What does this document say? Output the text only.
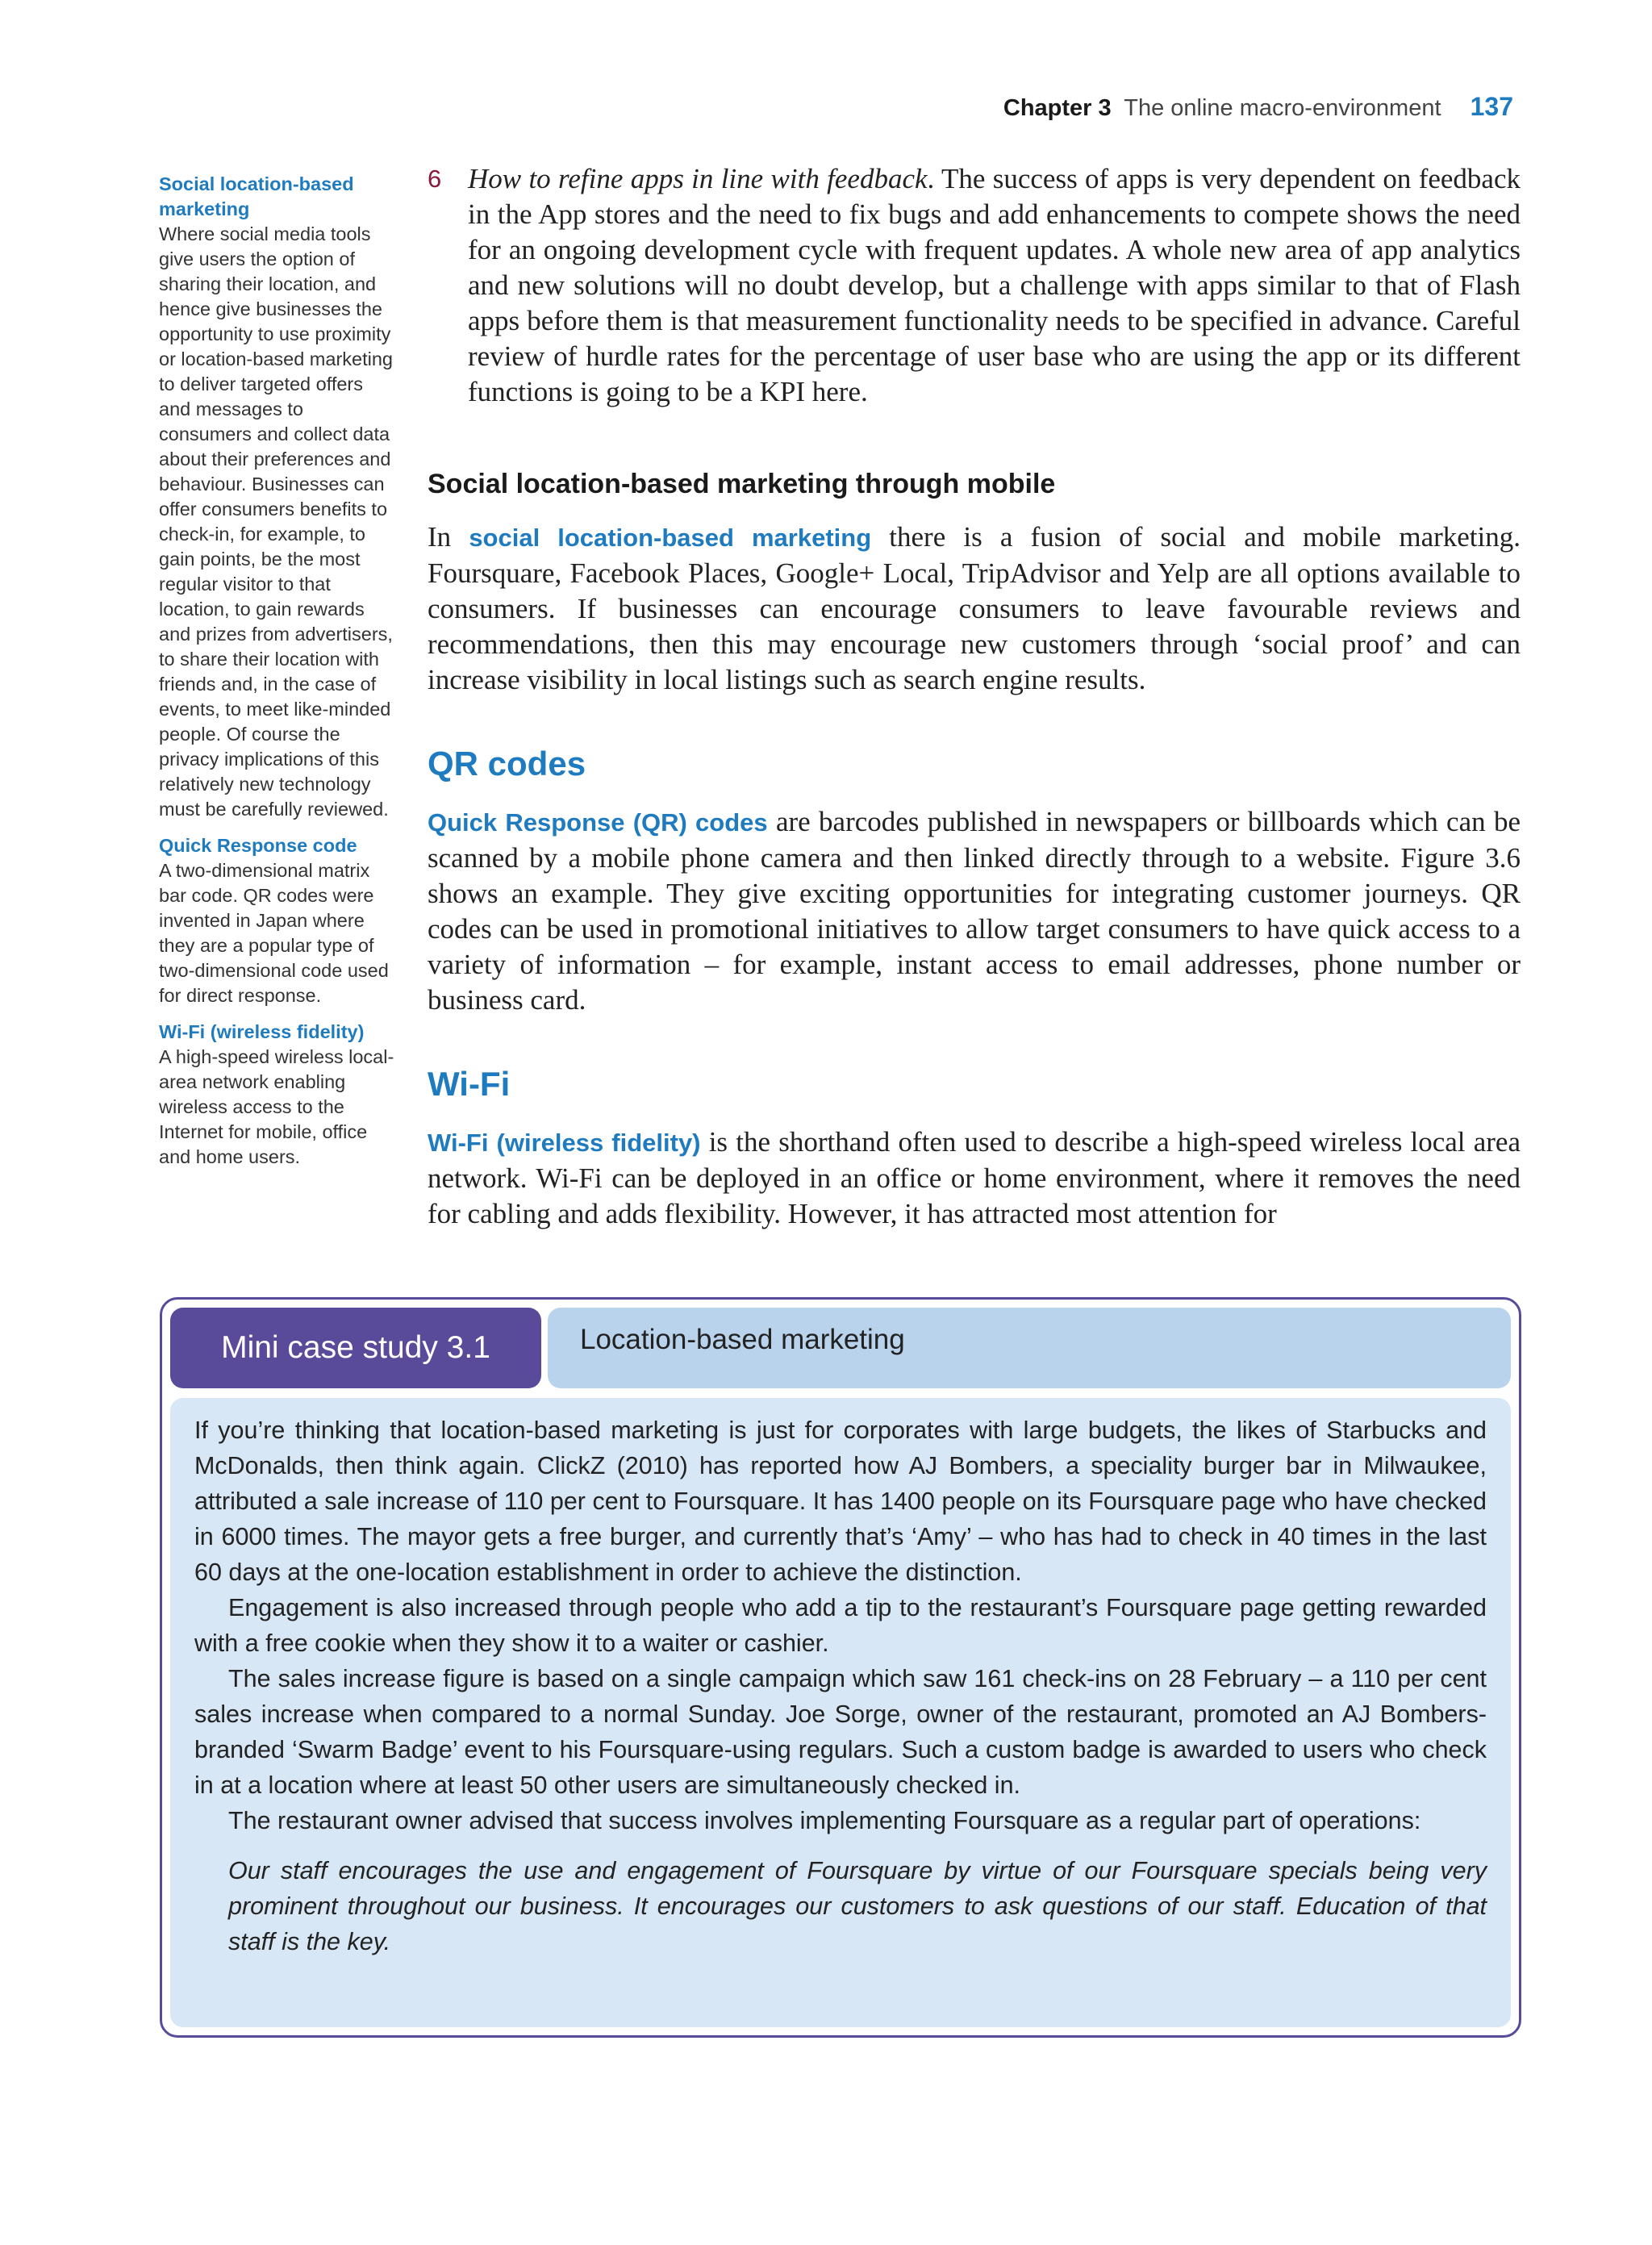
Chapter 3 The online macro-environment 137
Social location-based marketing
Where social media tools give users the option of sharing their location, and hence give businesses the opportunity to use proximity or location-based marketing to deliver targeted offers and messages to consumers and collect data about their preferences and behaviour. Businesses can offer consumers benefits to check-in, for example, to gain points, be the most regular visitor to that location, to gain rewards and prizes from advertisers, to share their location with friends and, in the case of events, to meet like-minded people. Of course the privacy implications of this relatively new technology must be carefully reviewed.
Quick Response code
A two-dimensional matrix bar code. QR codes were invented in Japan where they are a popular type of two-dimensional code used for direct response.
Wi-Fi (wireless fidelity)
A high-speed wireless local-area network enabling wireless access to the Internet for mobile, office and home users.

6 How to refine apps in line with feedback. The success of apps is very dependent on feedback in the App stores and the need to fix bugs and add enhancements to compete shows the need for an ongoing development cycle with frequent updates. A whole new area of app analytics and new solutions will no doubt develop, but a challenge with apps similar to that of Flash apps before them is that measurement functionality needs to be specified in advance. Careful review of hurdle rates for the percentage of user base who are using the app or its different functions is going to be a KPI here.

Social location-based marketing through mobile

In social location-based marketing there is a fusion of social and mobile marketing. Foursquare, Facebook Places, Google+ Local, TripAdvisor and Yelp are all options available to consumers. If businesses can encourage consumers to leave favourable reviews and recommendations, then this may encourage new customers through ‘social proof’ and can increase visibility in local listings such as search engine results.

QR codes

Quick Response (QR) codes are barcodes published in newspapers or billboards which can be scanned by a mobile phone camera and then linked directly through to a website. Figure 3.6 shows an example. They give exciting opportunities for integrating customer journeys. QR codes can be used in promotional initiatives to allow target consumers to have quick access to a variety of information – for example, instant access to email addresses, phone number or business card.

Wi-Fi

Wi-Fi (wireless fidelity) is the shorthand often used to describe a high-speed wireless local area network. Wi-Fi can be deployed in an office or home environment, where it removes the need for cabling and adds flexibility. However, it has attracted most attention for

Mini case study 3.1	Location-based marketing

If you’re thinking that location-based marketing is just for corporates with large budgets, the likes of Starbucks and McDonalds, then think again. ClickZ (2010) has reported how AJ Bombers, a speciality burger bar in Milwaukee, attributed a sale increase of 110 per cent to Foursquare. It has 1400 people on its Foursquare page who have checked in 6000 times. The mayor gets a free burger, and currently that’s ‘Amy’ – who has had to check in 40 times in the last 60 days at the one-location establishment in order to achieve the distinction.

Engagement is also increased through people who add a tip to the restaurant’s Foursquare page getting rewarded with a free cookie when they show it to a waiter or cashier.

The sales increase figure is based on a single campaign which saw 161 check-ins on 28 February – a 110 per cent sales increase when compared to a normal Sunday. Joe Sorge, owner of the restaurant, promoted an AJ Bombers-branded ‘Swarm Badge’ event to his Foursquare-using regulars. Such a custom badge is awarded to users who check in at a location where at least 50 other users are simultaneously checked in.

The restaurant owner advised that success involves implementing Foursquare as a regular part of operations:

Our staff encourages the use and engagement of Foursquare by virtue of our Foursquare specials being very prominent throughout our business. It encourages our customers to ask questions of our staff. Education of that staff is the key.
